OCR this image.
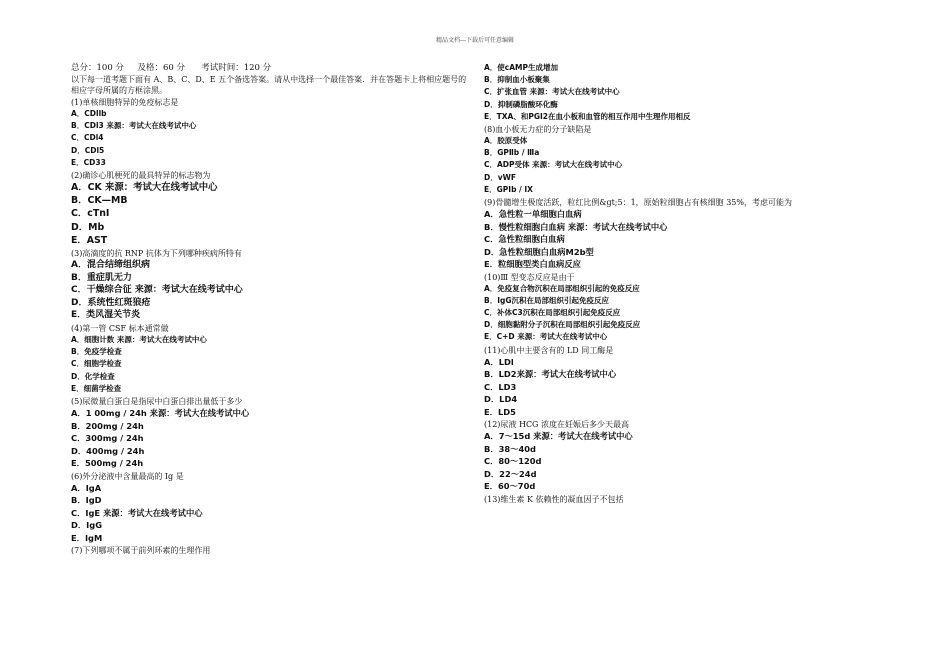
精品文档---下载后可任意编辑
总分：100 分 及格：60 分 考试时间：120 分
以下每一道考题下面有 A、B、C、D、E 五个备选答案。请从中选择一个最佳答案．并在答题卡上将相应题号的相应字母所属的方框涂黑。
(1)单核细胞特异的免疫标志是
A．CDllb
B．CDl3 来源：考试大在线考试中心
C．CDl4
D．CDl5
E．CD33
(2)确诊心肌梗死的最具特异的标志物为
A．CK 来源：考试大在线考试中心
B．CK—MB
C．cTnI
D．Mb
E．AST
(3)高滴度的抗 RNP 抗体为下列哪种疾病所特有
A．混合结缔组织病
B．重症肌无力
C．干燥综合征 来源：考试大在线考试中心
D．系统性红斑狼疮
E．类风湿关节炎
(4)第一管 CSF 标本通常做
A．细胞计数 来源：考试大在线考试中心
B．免疫学检查
C．细胞学检查
D．化学检查
E．细菌学检查
(5)尿微量白蛋白是指尿中白蛋白排出量低于多少
A．1 00mg / 24h 来源：考试大在线考试中心
B．200mg / 24h
C．300mg / 24h
D．400mg / 24h
E．500mg / 24h
(6)外分泌液中含量最高的 Ig 是
A．IgA
B．IgD
C．IgE 来源：考试大在线考试中心
D．IgG
E．IgM
(7)下列哪项不属于前列环素的生理作用
A．使cAMP生成增加
B．抑制血小板聚集
C．扩张血管 来源：考试大在线考试中心
D．抑制磷脂酸环化酶
E．TXA、和PGI2在血小板和血管的相互作用中生理作用相反
(8)血小板无力症的分子缺陷是
A．胶原受体
B．GPⅡb / Ⅲa
C．ADP受体 来源：考试大在线考试中心
D．vWF
E．GPIb / IX
(9)骨髓增生极度活跃，粒红比例&gt;5：1，原始粒细胞占有核细胞 35%，考虑可能为
A．急性粒一单细胞白血病
B．慢性粒细胞白血病 来源：考试大在线考试中心
C．急性粒细胞白血病
D．急性粒细胞白血病M2b型
E．粒细胞型类白血病反应
(10)Ⅲ 型变态反应是由于
A．免疫复合物沉积在局部组织引起的免疫反应
B．IgG沉积在局部组织引起免疫反应
C．补体C3沉积在局部组织引起免疫反应
D．细胞黏附分子沉积在局部组织引起免疫反应
E．C+D 来源：考试大在线考试中心
(11)心肌中主要含有的 LD 同工酶是
A．LDl
B．LD2来源：考试大在线考试中心
C．LD3
D．LD4
E．LD5
(12)尿液 HCG 浓度在妊娠后多少天最高
A．7～15d 来源：考试大在线考试中心
B．38～40d
C．80～120d
D．22～24d
E．60～70d
(13)维生素 K 依赖性的凝血因子不包括
